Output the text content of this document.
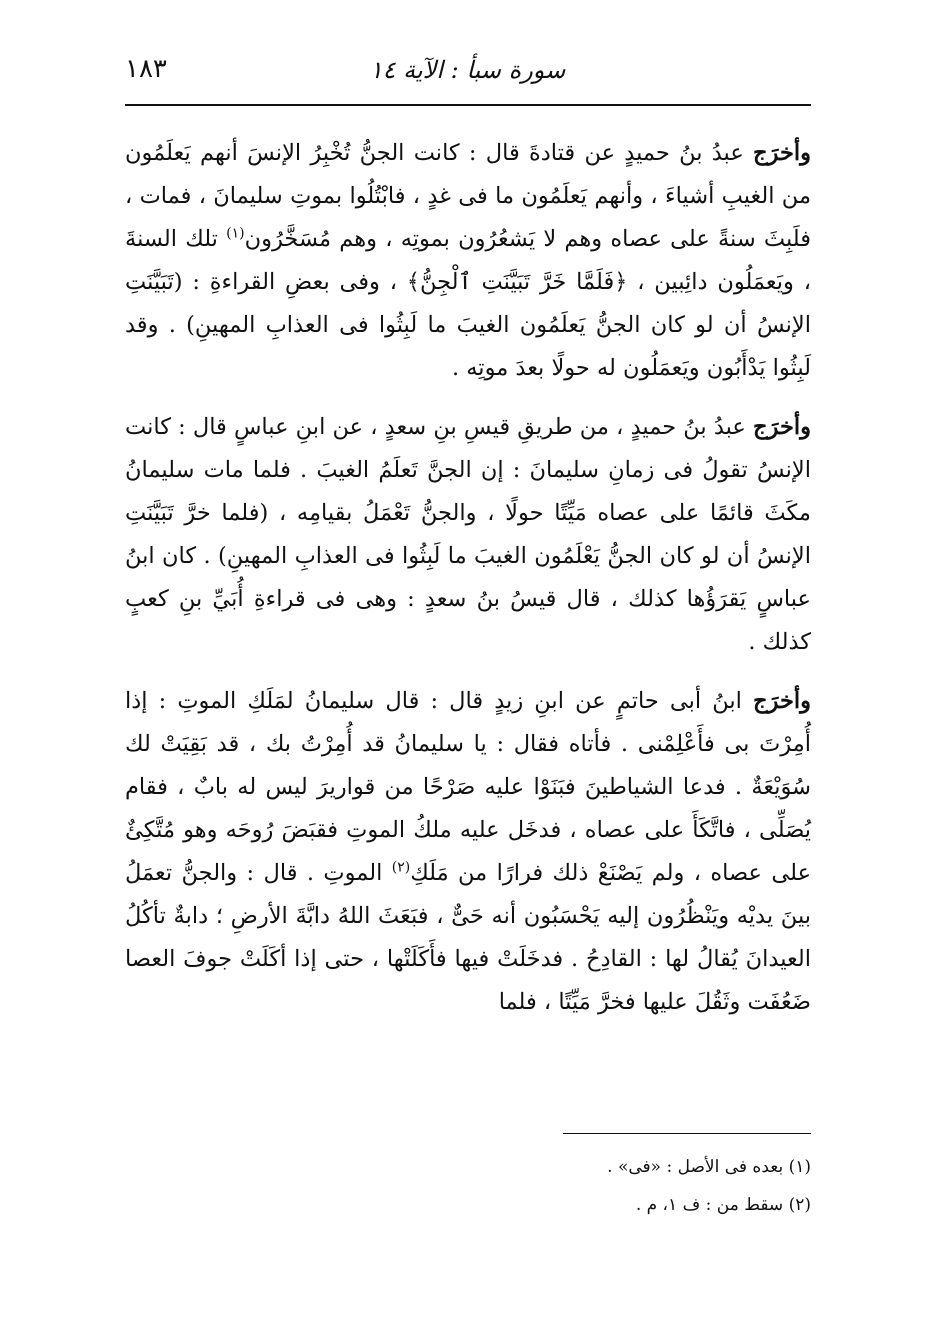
سورة سبأ : الآية ١٤
١٨٣

وأخرَج عبدُ بنُ حميدٍ عن قتادةَ قال : كانت الجنُّ تُخْبِرُ الإنسَ أنهم يَعلَمُون من الغيبِ أشياءَ ، وأنهم يَعلَمُون ما فى غدٍ ، فابْتُلُوا بموتِ سليمانَ ، فمات ، فلَبِثَ سنةً على عصاه وهم لا يَشعُرُون بموتِه ، وهم مُسَخَّرُون$^{(١)}$ تلك السنةَ ، ويَعمَلُون دائِبين ، ﴿فَلَمَّا خَرَّ تَبَيَّنَتِ ٱلْجِنُّ﴾ ، وفى بعضِ القراءةِ : (تَبَيَّنَتِ الإنسُ أن لو كان الجنُّ يَعلَمُون الغيبَ ما لَبِثُوا فى العذابِ المهينِ) . وقد لَبِثُوا يَدْأَبُون ويَعمَلُون له حولًا بعدَ موتِه .

وأخرَج عبدُ بنُ حميدٍ ، من طريقِ قيسِ بنِ سعدٍ ، عن ابنِ عباسٍ قال : كانت الإنسُ تقولُ فى زمانِ سليمانَ : إن الجنَّ تَعلَمُ الغيبَ . فلما مات سليمانُ مكَثَ قائمًا على عصاه مَيِّتًا حولًا ، والجنُّ تَعْمَلُ بقيامِه ، (فلما خرَّ تَبَيَّنَتِ الإنسُ أن لو كان الجنُّ يَعْلَمُون الغيبَ ما لَبِثُوا فى العذابِ المهينِ) . كان ابنُ عباسٍ يَقرَؤُها كذلك ، قال قيسُ بنُ سعدٍ : وهى فى قراءةِ أُبَيِّ بنِ كعبٍ كذلك .

وأخرَج ابنُ أبى حاتمٍ عن ابنِ زيدٍ قال : قال سليمانُ لمَلَكِ الموتِ : إذا أُمِرْتَ بى فأَعْلِمْنى . فأتاه فقال : يا سليمانُ قد أُمِرْتُ بك ، قد بَقِيَتْ لك سُوَيْعَةٌ . فدعا الشياطينَ فبَنَوْا عليه صَرْحًا من قواريرَ ليس له بابٌ ، فقام يُصَلِّى ، فاتَّكَأَ على عصاه ، فدخَل عليه ملكُ الموتِ فقبَضَ رُوحَه وهو مُتَّكِئٌ على عصاه ، ولم يَصْنَعْ ذلك فرارًا من مَلَكِ$^{(٢)}$ الموتِ . قال : والجنُّ تعمَلُ بينَ يديْه ويَنْظُرُون إليه يَحْسَبُون أنه حَىٌّ ، فبَعَثَ اللهُ دابَّةَ الأرضِ ؛ دابةٌ تأكُلُ العيدانَ يُقالُ لها : القادِحُ . فدخَلَتْ فيها فأَكَلَتْها ، حتى إذا أكَلَتْ جوفَ العصا ضَعُفَت وثَقُلَ عليها فخرَّ مَيِّتًا ، فلما

(١) بعده فى الأصل : «فى» .
(٢) سقط من : ف ١، م .
